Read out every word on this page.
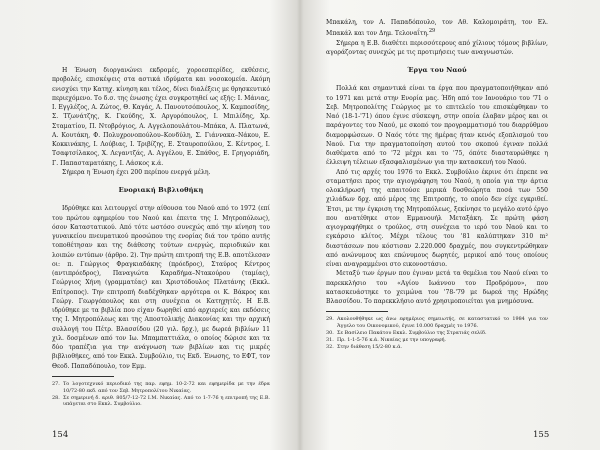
Η Ένωση διοργανώνει εκδρομές, χοροεσπερίδες, εκθέσεις, προβολές, επισκέψεις στα αστικά ιδρύματα και νοσοκομεία. Ακόμη ενισχύει την Κατηχ. κίνηση και τέλος, δίνει διαλέξεις με θρησκευτικό περιεχόμενο. Το δ.σ. της ένωσης έχει συγκροτηθεί ως εξής: Ι. Μάνιας, Ι. Εγγλέζος, Α. Ζώτος, Θ. Καγάς, Α. Πανουτσόπουλος, Χ. Καμποσίδης, Σ. Τζωνάτζης, Κ. Γκούδης, Χ. Αργυρόπουλος, Ι. Μπιλίδης, Χρ. Σταματίου, Π. Ντοβρόγιος, Α. Αγγελοπουλάτου–Μπάκα, Α. Πλατωνά, Α. Κουτάκη, Φ. Πολυχρονοπούλου–Κονδύλη, Σ. Γιάννακα–Νάκου, Ε. Κοκκινάκης, Ι. Λούβιας, Ι. Τριβίζης, Ε. Σταυροπούλου, Σ. Κέντρος, Ι. Τσαφτσίλακος, Χ. Λεγαντζάς, Α. Αγγέλου, Ε. Σπάθος, Ε. Γρηγοριάδη, Γ. Παπασταματάκης, Ι. Λάσκος κ.ά.

Σήμερα η Ένωση έχει 200 περίπου ενεργά μέλη.

Ενοριακή Βιβλιοθήκη

Ιδρύθηκε και λειτουργεί στην αίθουσα του Ναού από το 1972 (επί του πρώτου εφημερίου του Ναού και έπειτα της Ι. Μητροπόλεως), όσον Καταστατικού. Από τότε ωστόσο συνεχώς από την κίνηση του γυναικείου πνευματικού προσώπου της ενορίας διά τον τρόπο αυτής τοποθέτησαν και της διάθεσης τούτων ενεργώς, περιοδικών και λοιπών εντύπων (άρθρο. 2). Την πρώτη επιτροπή της Ε.Β. αποτέλεσαν οι: π. Γεώργιος Φραγκιαδάκης (πρόεδρος), Σταύρος Κέντρος (αντιπρόεδρος), Παναγιώτα Καραδήμα–Ντακούρου (ταμίας), Γεώργιος Χήνη (γραμματέας) και Χριστόδουλος Πλατάνης (Εκκλ. Επίτροπος). Την επιτροπή διαδέχθηκαν αργότερα οι Κ. Βάκρος και Γεώργ. Γεωργόπουλος και στη συνέχεια οι Κατηχητές. Η Ε.Β. ιδρύθηκε με τα βιβλία που είχαν δωρηθεί από αρχιερείς και εκδόσεις της Ι. Μητροπόλεως και της Αποστολικής Διακονίας και την αρχική συλλογή του Πέτρ. Βλασσίδου (20 γιλ. δρχ.), με δωρεά βιβλίων 11 χιλ. δοσμένων από τον Ιω. Μπαμπαττιάλα, ο οποίος δώρισε και τα δύο τραπέζια για την ανάγνωση των βιβλίων και τις μικρές βιβλιοθήκες, από τον Εκκλ. Συμβούλιο, τις Εκδ. Ένωσης, το ΕΦΤ, τον Θεοδ. Παπαδόπουλο, τον Εμμ.

27. Το λογοτεχνικό περιοδικό της παρ. εφημ. 10-2-72 και εφημερίδα με την έδρα 10/72-80 εκδ. από τον Σεβ. Μητροπολίτου Νικαίας.

28. Σε σημερινή δ. αριθ. 805/7-12-72 Ι.Μ. Νικαίας. Από το 1-7-76 η επιτροπή της Ε.Β. υπάγεται στο Εκκλ. Συμβούλιο.

154

Μπακάλη, τον Α. Παπαδόπουλο, τον Αθ. Καλομοιράτη, τον Ελ. Μπακάλ και τον Δημ. Τελοναΐτη.$^{29}$

Σήμερα η Ε.Β. διαθέτει περισσότερους από χίλιους τόμους βιβλίων, αγοράζοντας συνεχώς με τις προτιμήσεις των αναγνωστών.

Έργα του Ναού

Πολλά και σημαντικά είναι τα έργα που πραγματοποιήθηκαν από το 1971 και μετά στην Ενορία μας. Ήδη από τον Ιανουάριο του '71 ο Σεβ. Μητροπολίτης Γεώργιος με το επιτελείο του επισκέφθηκαν το Ναό (18-1-'71) όπου έγινε σύσκεψη, στην οποία έλαβαν μέρος και οι παράγοντες του Ναού, με σκοπό τον προγραμματισμό του διαρρύθμου διαμορφώσεων. Ο Ναός τότε της ήμέρας ήταν κενός εξοπλισμού του Ναού. Για την πραγματοποίηση αυτού του σκοπού έγιναν πολλά διαθέματα από το '72 μέχρι και το '75, όπότε διασταυρώθηκε η έλλειψη τέλειων εξασφαλισμένων για την κατασκευή του Ναού.

Από τις αρχές του 1976 το Εκκλ. Συμβούλιο έκρινε ότι έπρεπε να σταματήσει προς την αγιογράφηση του Ναού, η οποία για την άρτια ολοκλήρωσή της απαιτούσε μερικά δυσθεώρητα ποσά των 550 χιλιάδων δρχ. από μέρος της Επιτροπής, το οποίο δεν είχε εγκριθεί. Έτσι, με την έγκριση της Μητροπόλεως, ξεκίνησε το μεγάλο αυτό έργο που ανατέθηκε στον Εμμανουήλ Μεταξάκη. Σε πρώτη φάση αγιογραφήθηκε ο τρούλος, στη συνέχεια το ιερό του Ναού και το εγκάρσιο κλίτος. Μέχρι τέλους του '81 καλύπτηκαν 310 m² διαστάσεων που κόστισαν 2.220.000 δραχμές, που συγκεντρώθηκαν από ανώνυμους και επώνυμους δωρητές, μερικοί από τους οποίους είναι αναγραμμένοι στο εικονοστάσιο.

Μεταξύ των έργων που έγιναν μετά τα θεμέλια του Ναού είναι το παρεκκλήσιο του «Αγίου Ιωάννου του Προδρόμου», που κατασκευάστηκε το χειμώνα του '78-'79 με δωρεά της Ηρώδης Βλασσίδου. Το παρεκκλήσιο αυτό χρησιμοποιείται για μνημόσυνα.

29. Ακολουθήθηκε ως άνω εφημέριος σημειωτής, σε καταστατικό το 1984 για τον Άγγελο του Οικονομικού, έγινε 10.000 δραχμές το 1976.

30. Σε Βασίλειο Πακάτου Εκκλ. Συμβούλιο της Στρατιάς σελίδ.

31. Πρ. 1-1-5-76 κ.ά. Νικαίας με την υπογραφή.

32. Στην διάθεση 15/2-80 κ.ά.

155
